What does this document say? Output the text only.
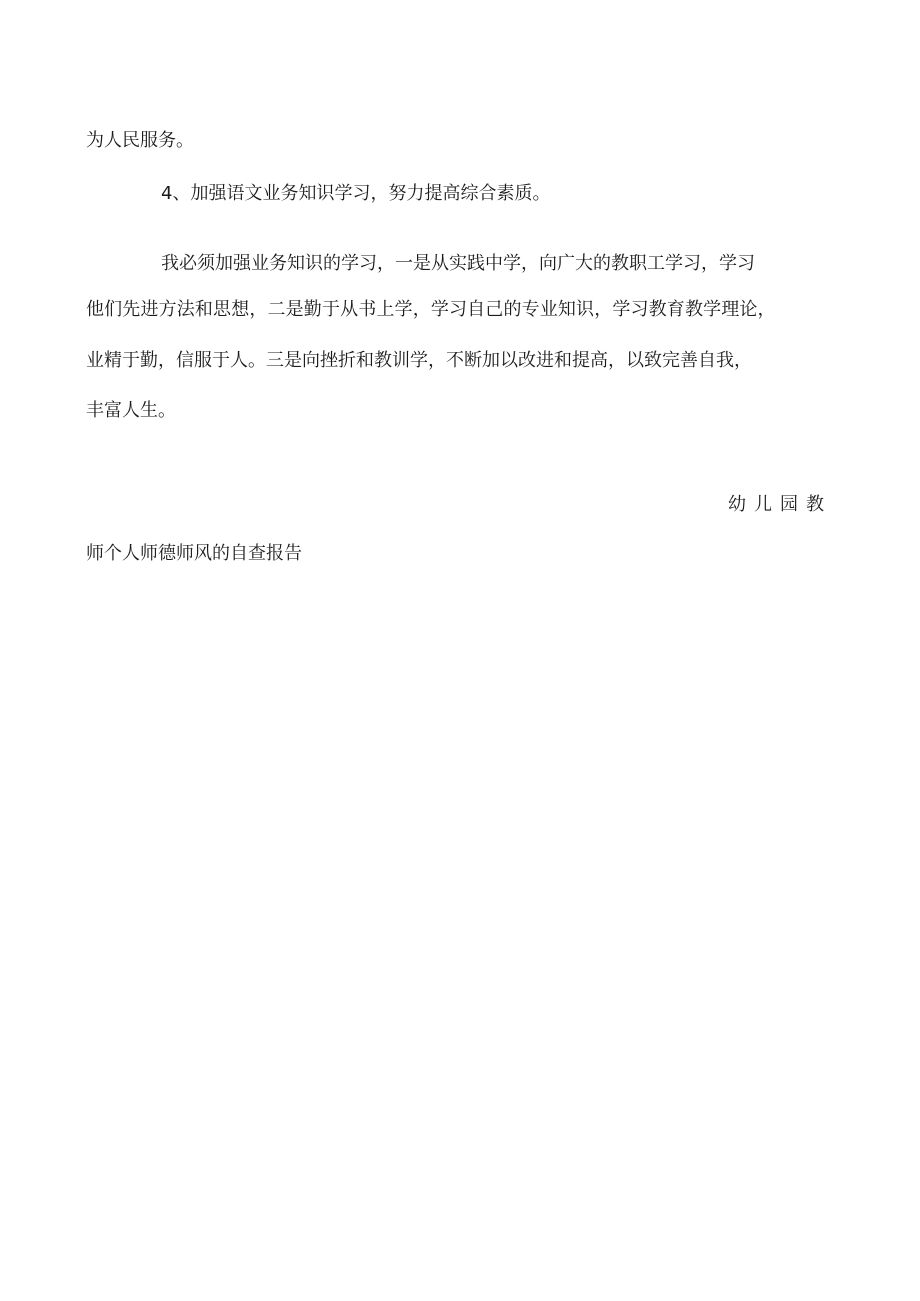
为人民服务。
4、加强语文业务知识学习，努力提高综合素质。
我必须加强业务知识的学习，一是从实践中学，向广大的教职工学习，学习
他们先进方法和思想，二是勤于从书上学，学习自己的专业知识，学习教育教学理论，
业精于勤，信服于人。三是向挫折和教训学，不断加以改进和提高，以致完善自我，
丰富人生。
幼儿园教
师个人师德师风的自查报告
